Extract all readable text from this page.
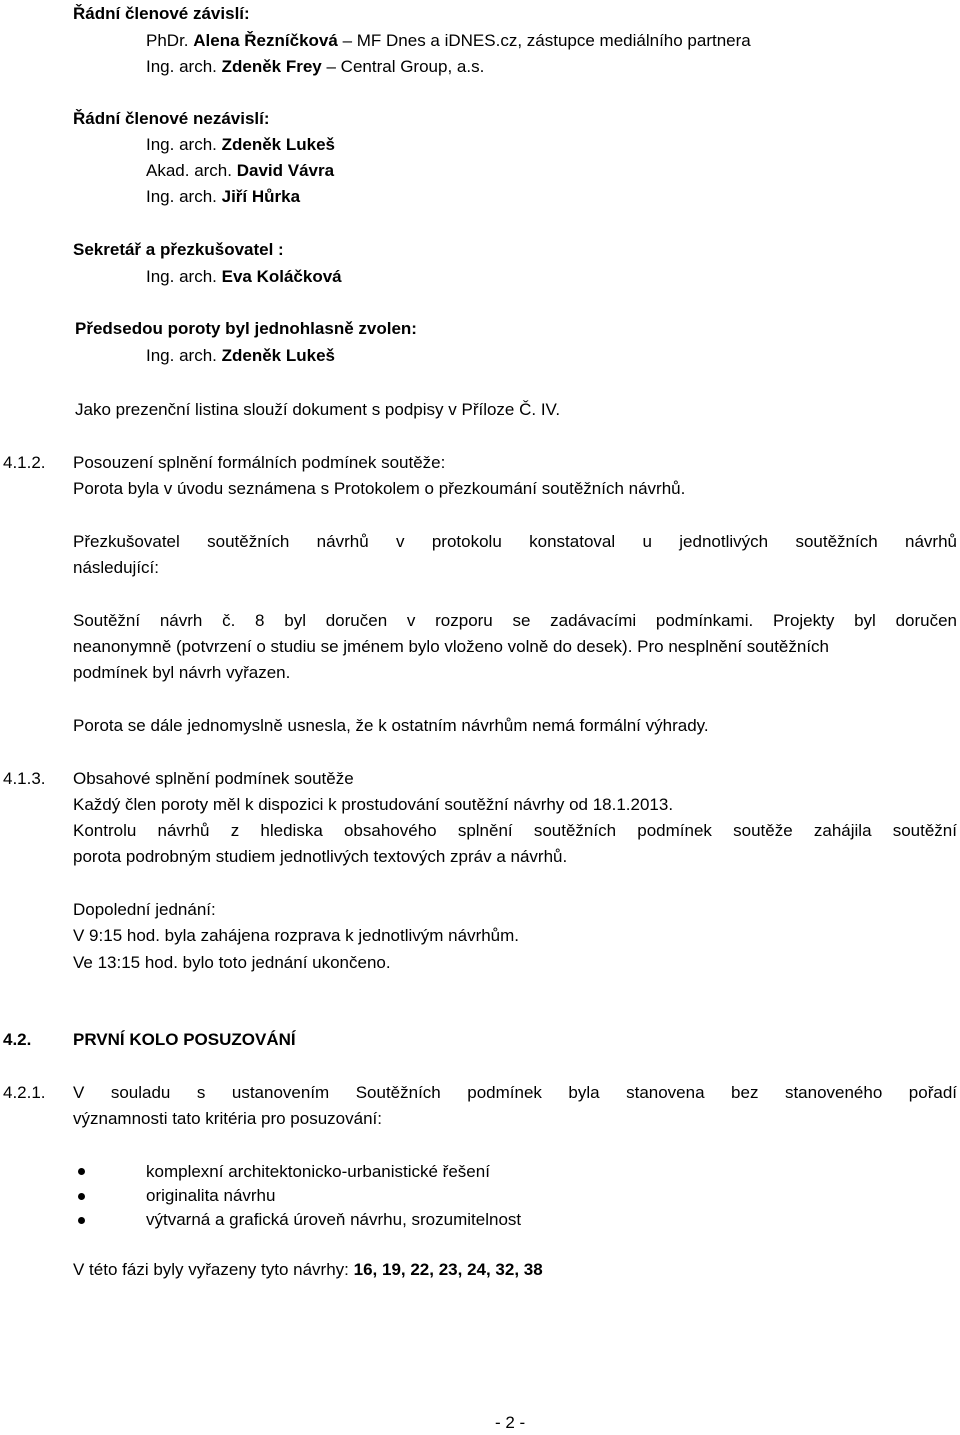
Řádní členové závislí:
PhDr. Alena Řezníčková – MF Dnes a iDNES.cz, zástupce mediálního partnera
Ing. arch. Zdeněk Frey – Central Group, a.s.
Řádní členové nezávislí:
Ing. arch. Zdeněk Lukeš
Akad. arch. David Vávra
Ing. arch. Jiří Hůrka
Sekretář a přezkušovatel :
Ing. arch. Eva Koláčková
Předsedou poroty byl jednohlasně zvolen:
Ing. arch. Zdeněk Lukeš
Jako prezenční listina slouží dokument s podpisy v Příloze Č. IV.
4.1.2. Posouzení splnění formálních podmínek soutěže:
Porota byla v úvodu seznámena s Protokolem o přezkoumání soutěžních návrhů.
Přezkušovatel soutěžních návrhů v protokolu konstatoval u jednotlivých soutěžních návrhů
následující:
Soutěžní návrh č. 8 byl doručen v rozporu se zadávacími podmínkami. Projekty byl doručen
neanonymně (potvrzení o studiu se jménem bylo vloženo volně do desek). Pro nesplnění soutěžních
podmínek byl návrh vyřazen.
Porota se dále jednomyslně usnesla, že k ostatním návrhům nemá formální výhrady.
4.1.3. Obsahové splnění podmínek soutěže
Každý člen poroty měl k dispozici k prostudování soutěžní návrhy od 18.1.2013.
Kontrolu návrhů z hlediska obsahového splnění soutěžních podmínek soutěže zahájila soutěžní
porota podrobným studiem jednotlivých textových zpráv a návrhů.
Dopolední jednání:
V 9:15 hod. byla zahájena rozprava k jednotlivým návrhům.
Ve 13:15 hod. bylo toto jednání ukončeno.
4.2. PRVNÍ KOLO POSUZOVÁNÍ
4.2.1. V souladu s ustanovením Soutěžních podmínek byla stanovena bez stanoveného pořadí
významnosti tato kritéria pro posuzování:
komplexní architektonicko-urbanistické řešení
originalita návrhu
výtvarná a grafická úroveň návrhu, srozumitelnost
V této fázi byly vyřazeny tyto návrhy: 16, 19, 22, 23, 24, 32, 38
- 2 -
